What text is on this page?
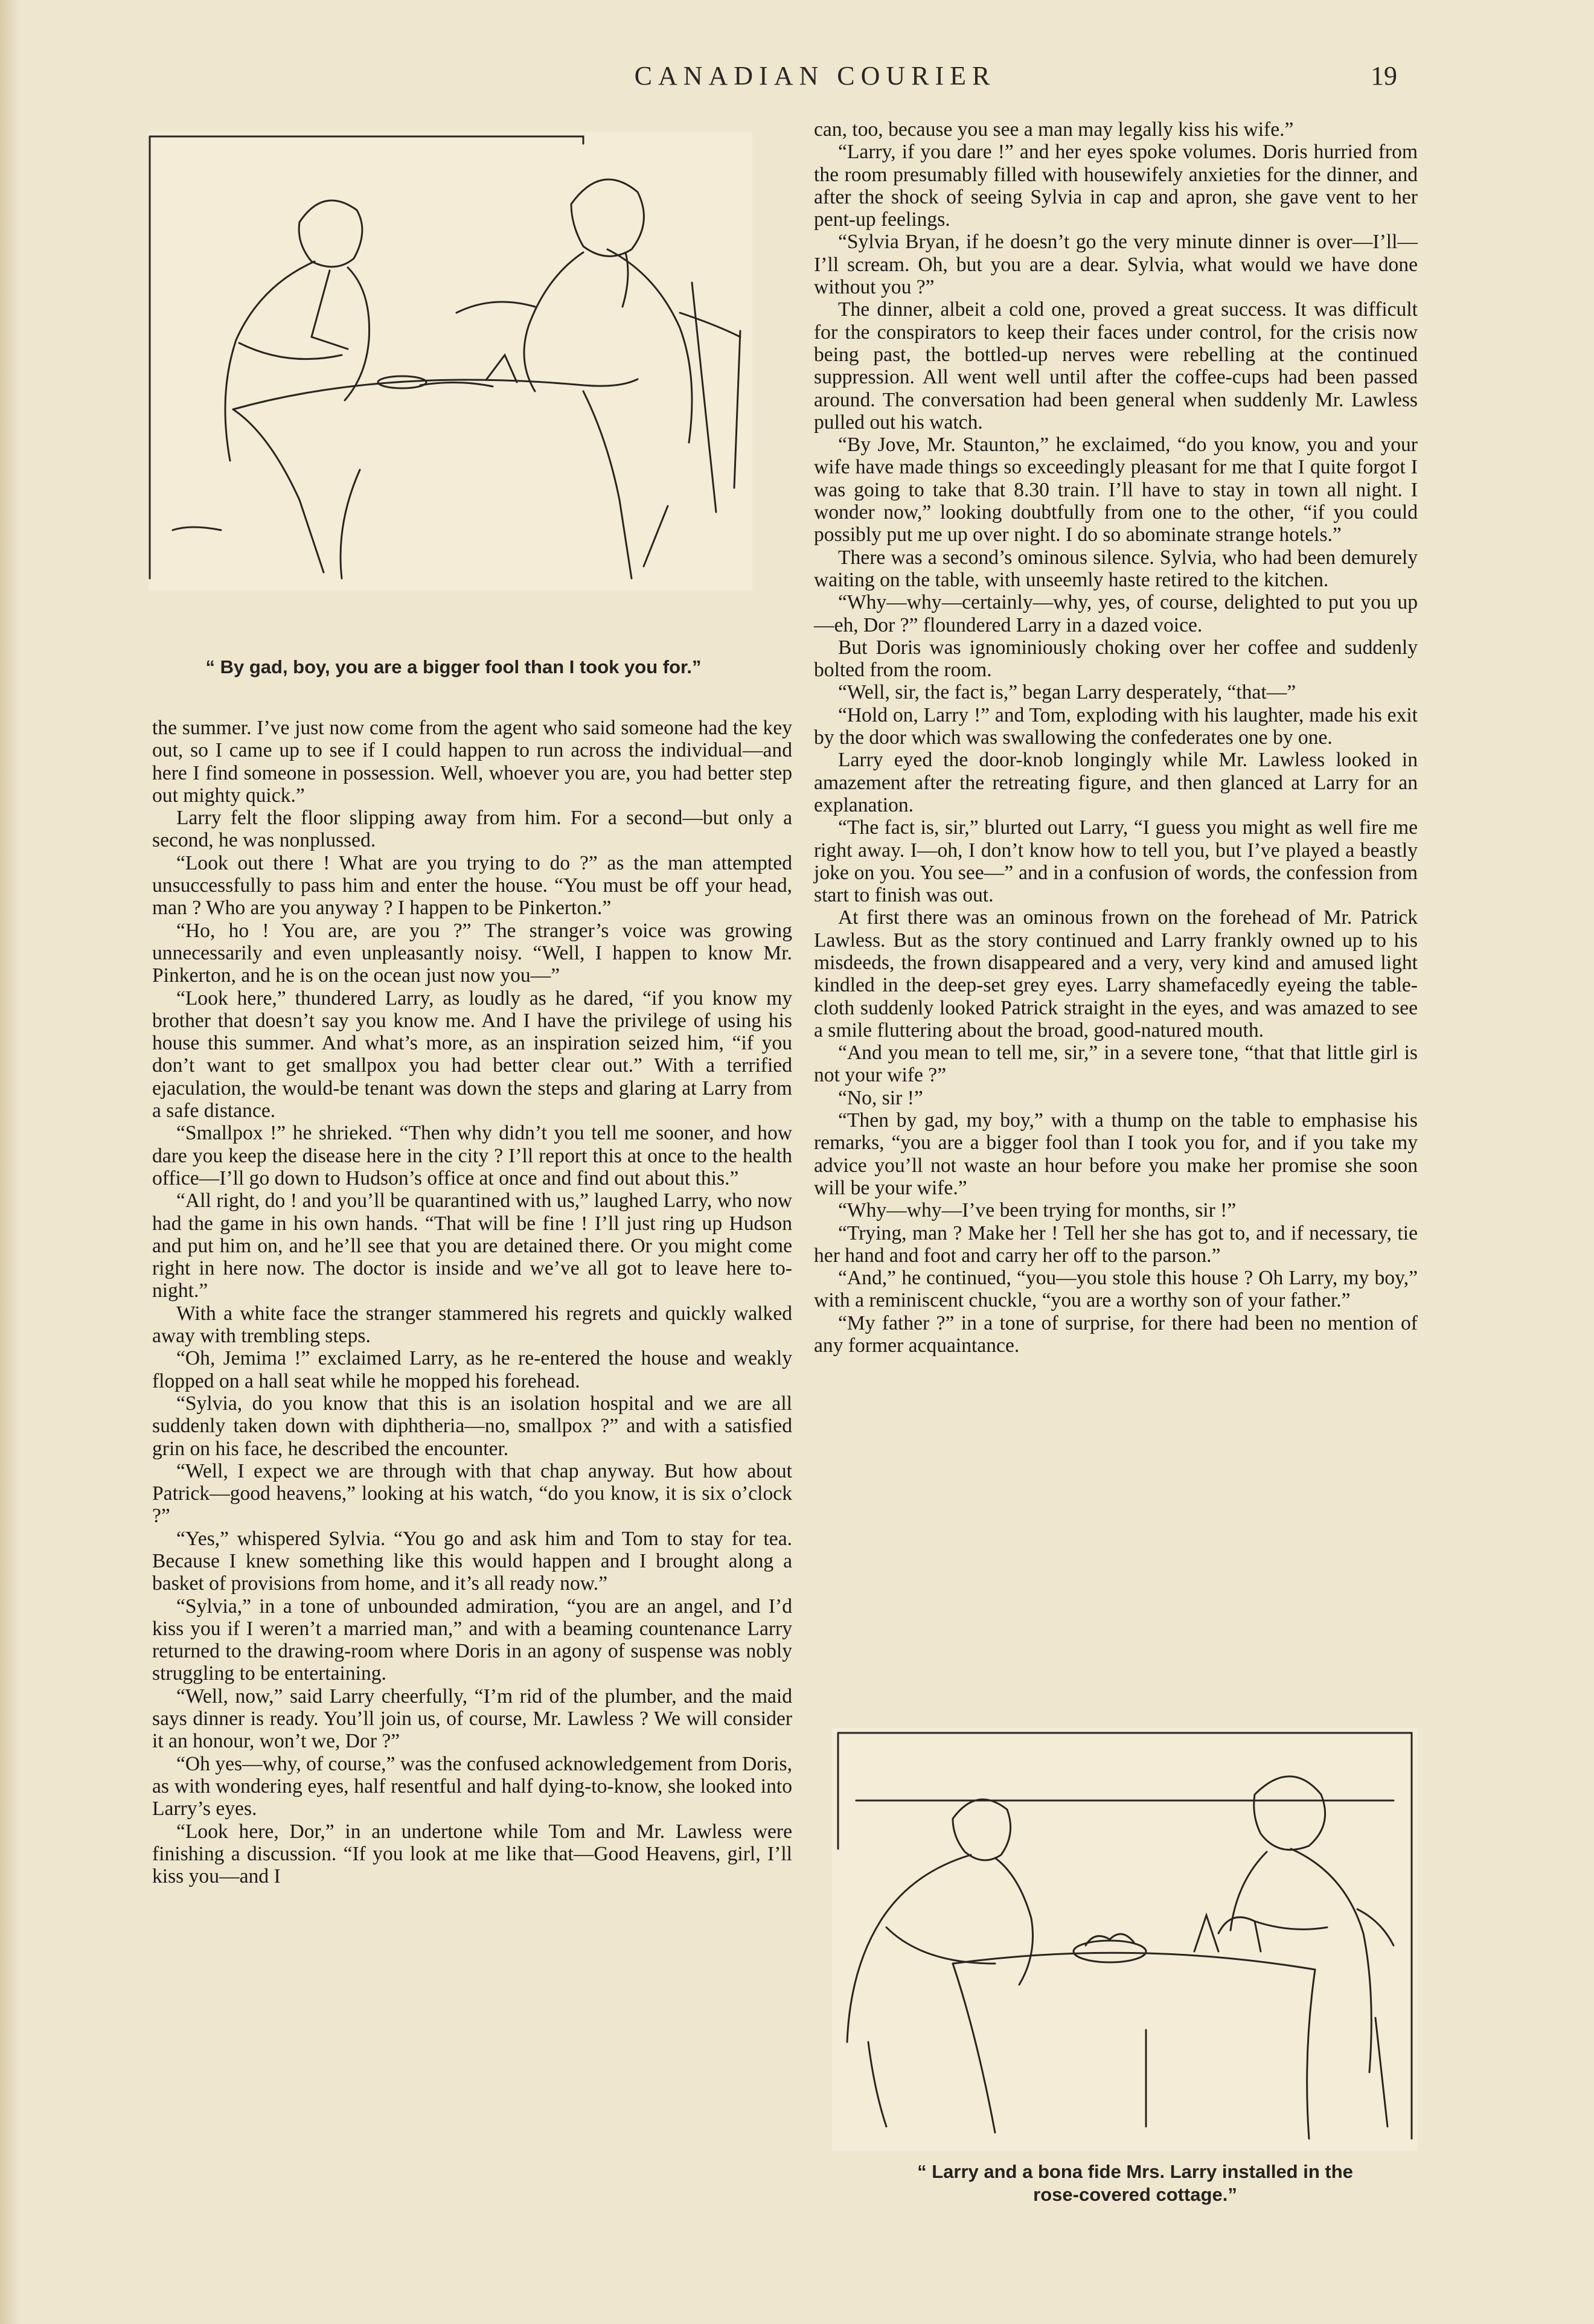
CANADIAN COURIER	19
“ By gad, boy, you are a bigger fool than I took you for.”

the summer. I’ve just now come from the agent who said someone had the key out, so I came up to see if I could happen to run across the individual—and here I find someone in possession. Well, whoever you are, you had better step out mighty quick.”

Larry felt the floor slipping away from him. For a second—but only a second, he was nonplussed.

“Look out there ! What are you trying to do ?” as the man attempted unsuccessfully to pass him and enter the house. “You must be off your head, man ? Who are you anyway ? I happen to be Pinkerton.”

“Ho, ho ! You are, are you ?” The stranger’s voice was growing unnecessarily and even unpleasantly noisy. “Well, I happen to know Mr. Pinkerton, and he is on the ocean just now you—”

“Look here,” thundered Larry, as loudly as he dared, “if you know my brother that doesn’t say you know me. And I have the privilege of using his house this summer. And what’s more, as an inspiration seized him, “if you don’t want to get smallpox you had better clear out.” With a terrified ejaculation, the would-be tenant was down the steps and glaring at Larry from a safe distance.

“Smallpox !” he shrieked. “Then why didn’t you tell me sooner, and how dare you keep the disease here in the city ? I’ll report this at once to the health office—I’ll go down to Hudson’s office at once and find out about this.”

“All right, do ! and you’ll be quarantined with us,” laughed Larry, who now had the game in his own hands. “That will be fine ! I’ll just ring up Hudson and put him on, and he’ll see that you are detained there. Or you might come right in here now. The doctor is inside and we’ve all got to leave here to-night.”

With a white face the stranger stammered his regrets and quickly walked away with trembling steps.

“Oh, Jemima !” exclaimed Larry, as he re-entered the house and weakly flopped on a hall seat while he mopped his forehead.

“Sylvia, do you know that this is an isolation hospital and we are all suddenly taken down with diphtheria—no, smallpox ?” and with a satisfied grin on his face, he described the encounter.

“Well, I expect we are through with that chap anyway. But how about Patrick—good heavens,” looking at his watch, “do you know, it is six o’clock ?”

“Yes,” whispered Sylvia. “You go and ask him and Tom to stay for tea. Because I knew something like this would happen and I brought along a basket of provisions from home, and it’s all ready now.”

“Sylvia,” in a tone of unbounded admiration, “you are an angel, and I’d kiss you if I weren’t a married man,” and with a beaming countenance Larry returned to the drawing-room where Doris in an agony of suspense was nobly struggling to be entertaining.

“Well, now,” said Larry cheerfully, “I’m rid of the plumber, and the maid says dinner is ready. You’ll join us, of course, Mr. Lawless ? We will consider it an honour, won’t we, Dor ?”

“Oh yes—why, of course,” was the confused acknowledgement from Doris, as with wondering eyes, half resentful and half dying-to-know, she looked into Larry’s eyes.

“Look here, Dor,” in an undertone while Tom and Mr. Lawless were finishing a discussion. “If you look at me like that—Good Heavens, girl, I’ll kiss you—and I

can, too, because you see a man may legally kiss his wife.”

“Larry, if you dare !” and her eyes spoke volumes. Doris hurried from the room presumably filled with housewifely anxieties for the dinner, and after the shock of seeing Sylvia in cap and apron, she gave vent to her pent-up feelings.

“Sylvia Bryan, if he doesn’t go the very minute dinner is over—I’ll—I’ll scream. Oh, but you are a dear. Sylvia, what would we have done without you ?”

The dinner, albeit a cold one, proved a great success. It was difficult for the conspirators to keep their faces under control, for the crisis now being past, the bottled-up nerves were rebelling at the continued suppression. All went well until after the coffee-cups had been passed around. The conversation had been general when suddenly Mr. Lawless pulled out his watch.

“By Jove, Mr. Staunton,” he exclaimed, “do you know, you and your wife have made things so exceedingly pleasant for me that I quite forgot I was going to take that 8.30 train. I’ll have to stay in town all night. I wonder now,” looking doubtfully from one to the other, “if you could possibly put me up over night. I do so abominate strange hotels.”

There was a second’s ominous silence. Sylvia, who had been demurely waiting on the table, with unseemly haste retired to the kitchen.

“Why—why—certainly—why, yes, of course, delighted to put you up—eh, Dor ?” floundered Larry in a dazed voice.

But Doris was ignominiously choking over her coffee and suddenly bolted from the room.

“Well, sir, the fact is,” began Larry desperately, “that—”

“Hold on, Larry !” and Tom, exploding with his laughter, made his exit by the door which was swallowing the confederates one by one.

Larry eyed the door-knob longingly while Mr. Lawless looked in amazement after the retreating figure, and then glanced at Larry for an explanation.

“The fact is, sir,” blurted out Larry, “I guess you might as well fire me right away. I—oh, I don’t know how to tell you, but I’ve played a beastly joke on you. You see—” and in a confusion of words, the confession from start to finish was out.

At first there was an ominous frown on the forehead of Mr. Patrick Lawless. But as the story continued and Larry frankly owned up to his misdeeds, the frown disappeared and a very, very kind and amused light kindled in the deep-set grey eyes. Larry shamefacedly eyeing the table-cloth suddenly looked Patrick straight in the eyes, and was amazed to see a smile fluttering about the broad, good-natured mouth.

“And you mean to tell me, sir,” in a severe tone, “that that little girl is not your wife ?”

“No, sir !”

“Then by gad, my boy,” with a thump on the table to emphasise his remarks, “you are a bigger fool than I took you for, and if you take my advice you’ll not waste an hour before you make her promise she soon will be your wife.”

“Why—why—I’ve been trying for months, sir !”

“Trying, man ? Make her ! Tell her she has got to, and if necessary, tie her hand and foot and carry her off to the parson.”

“And,” he continued, “you—you stole this house ? Oh Larry, my boy,” with a reminiscent chuckle, “you are a worthy son of your father.”

“My father ?” in a tone of surprise, for there had been no mention of any former acquaintance.

“ Larry and a bona fide Mrs. Larry installed in the
rose-covered cottage.”
